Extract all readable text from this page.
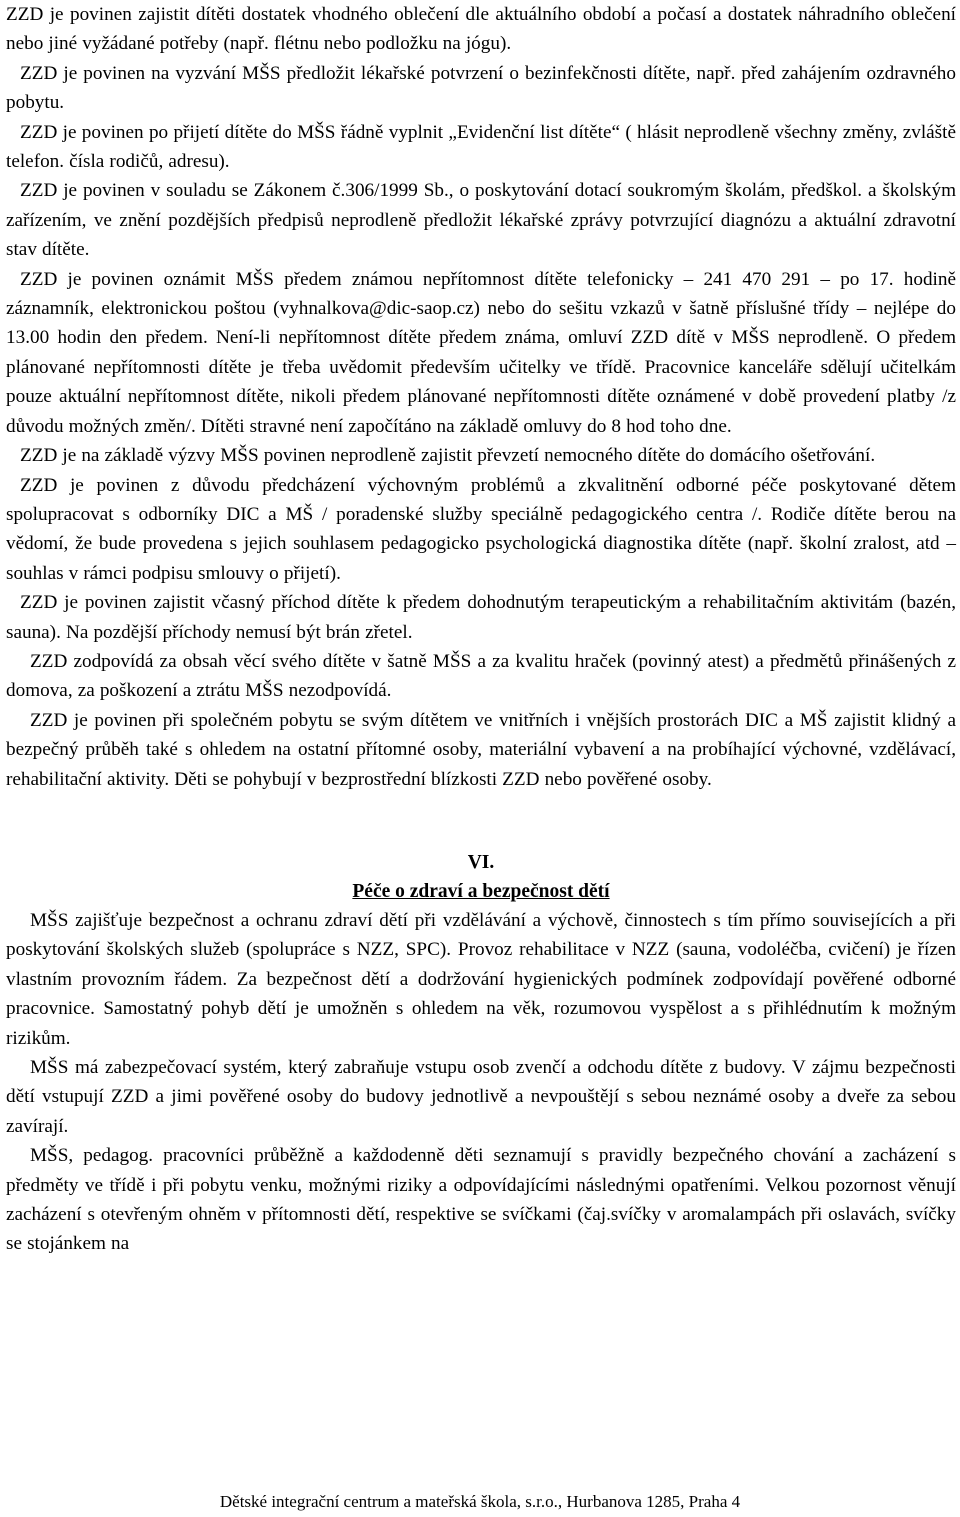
ZZD je povinen zajistit dítěti dostatek vhodného oblečení dle aktuálního období a počasí a dostatek náhradního oblečení nebo jiné vyžádané potřeby (např. flétnu nebo podložku na jógu).

ZZD je povinen na vyzvání MŠS předložit lékařské potvrzení o bezinfekčnosti dítěte, např. před zahájením ozdravného pobytu.

ZZD je povinen po přijetí dítěte do MŠS řádně vyplnit „Evidenční list dítěte“ ( hlásit neprodleně všechny změny, zvláště telefon. čísla rodičů, adresu).

ZZD je povinen v souladu se Zákonem č.306/1999 Sb., o poskytování dotací soukromým školám, předškol. a školským zařízením, ve znění pozdějších předpisů neprodleně předložit lékařské zprávy potvrzující diagnózu a aktuální zdravotní stav dítěte.

ZZD je povinen oznámit MŠS předem známou nepřítomnost dítěte telefonicky – 241 470 291 – po 17. hodině záznamník, elektronickou poštou (vyhnalkova@dic-saop.cz) nebo do sešitu vzkazů v šatně příslušné třídy – nejlépe do 13.00 hodin den předem. Není-li nepřítomnost dítěte předem známa, omluví ZZD dítě v MŠS neprodleně. O předem plánované nepřítomnosti dítěte je třeba uvědomit především učitelky ve třídě. Pracovnice kanceláře sdělují učitelkám pouze aktuální nepřítomnost dítěte, nikoli předem plánované nepřítomnosti dítěte oznámené v době provedení platby /z důvodu možných změn/. Dítěti stravné není započítáno na základě omluvy do 8 hod toho dne.

ZZD je na základě výzvy MŠS povinen neprodleně zajistit převzetí nemocného dítěte do domácího ošetřování.

ZZD je povinen z důvodu předcházení výchovným problémů a zkvalitnění odborné péče poskytované dětem spolupracovat s odborníky DIC a MŠ / poradenské služby speciálně pedagogického centra /. Rodiče dítěte berou na vědomí, že bude provedena s jejich souhlasem pedagogicko psychologická diagnostika dítěte (např. školní zralost, atd – souhlas v rámci podpisu smlouvy o přijetí).

ZZD je povinen zajistit včasný příchod dítěte k předem dohodnutým terapeutickým a rehabilitačním aktivitám (bazén, sauna). Na pozdější příchody nemusí být brán zřetel.

ZZD zodpovídá za obsah věcí svého dítěte v šatně MŠS a za kvalitu hraček (povinný atest) a předmětů přinášených z domova, za poškození a ztrátu MŠS nezodpovídá.

ZZD je povinen při společném pobytu se svým dítětem ve vnitřních i vnějších prostorách DIC a MŠ zajistit klidný a bezpečný průběh také s ohledem na ostatní přítomné osoby, materiální vybavení a na probíhající výchovné, vzdělávací, rehabilitační aktivity. Děti se pohybují v bezprostřední blízkosti ZZD nebo pověřené osoby.

VI.

Péče o zdraví a bezpečnost dětí

MŠS zajišťuje bezpečnost a ochranu zdraví dětí při vzdělávání a výchově, činnostech s tím přímo souvisejících a při poskytování školských služeb (spolupráce s NZZ, SPC). Provoz rehabilitace v NZZ (sauna, vodoléčba, cvičení) je řízen vlastním provozním řádem. Za bezpečnost dětí a dodržování hygienických podmínek zodpovídají pověřené odborné pracovnice. Samostatný pohyb dětí je umožněn s ohledem na věk, rozumovou vyspělost a s přihlédnutím k možným rizikům.

MŠS má zabezpečovací systém, který zabraňuje vstupu osob zvenčí a odchodu dítěte z budovy. V zájmu bezpečnosti dětí vstupují ZZD a jimi pověřené osoby do budovy jednotlivě a nevpouštějí s sebou neznámé osoby a dveře za sebou zavírají.

MŠS, pedagog. pracovníci průběžně a každodenně děti seznamují s pravidly bezpečného chování a zacházení s předměty ve třídě i při pobytu venku, možnými riziky a odpovídajícími následnými opatřeními. Velkou pozornost věnují zacházení s otevřeným ohněm v přítomnosti dětí, respektive se svíčkami (čaj.svíčky v aromalampách při oslavách, svíčky se stojánkem na

Dětské integrační centrum a mateřská škola, s.r.o., Hurbanova 1285, Praha 4
